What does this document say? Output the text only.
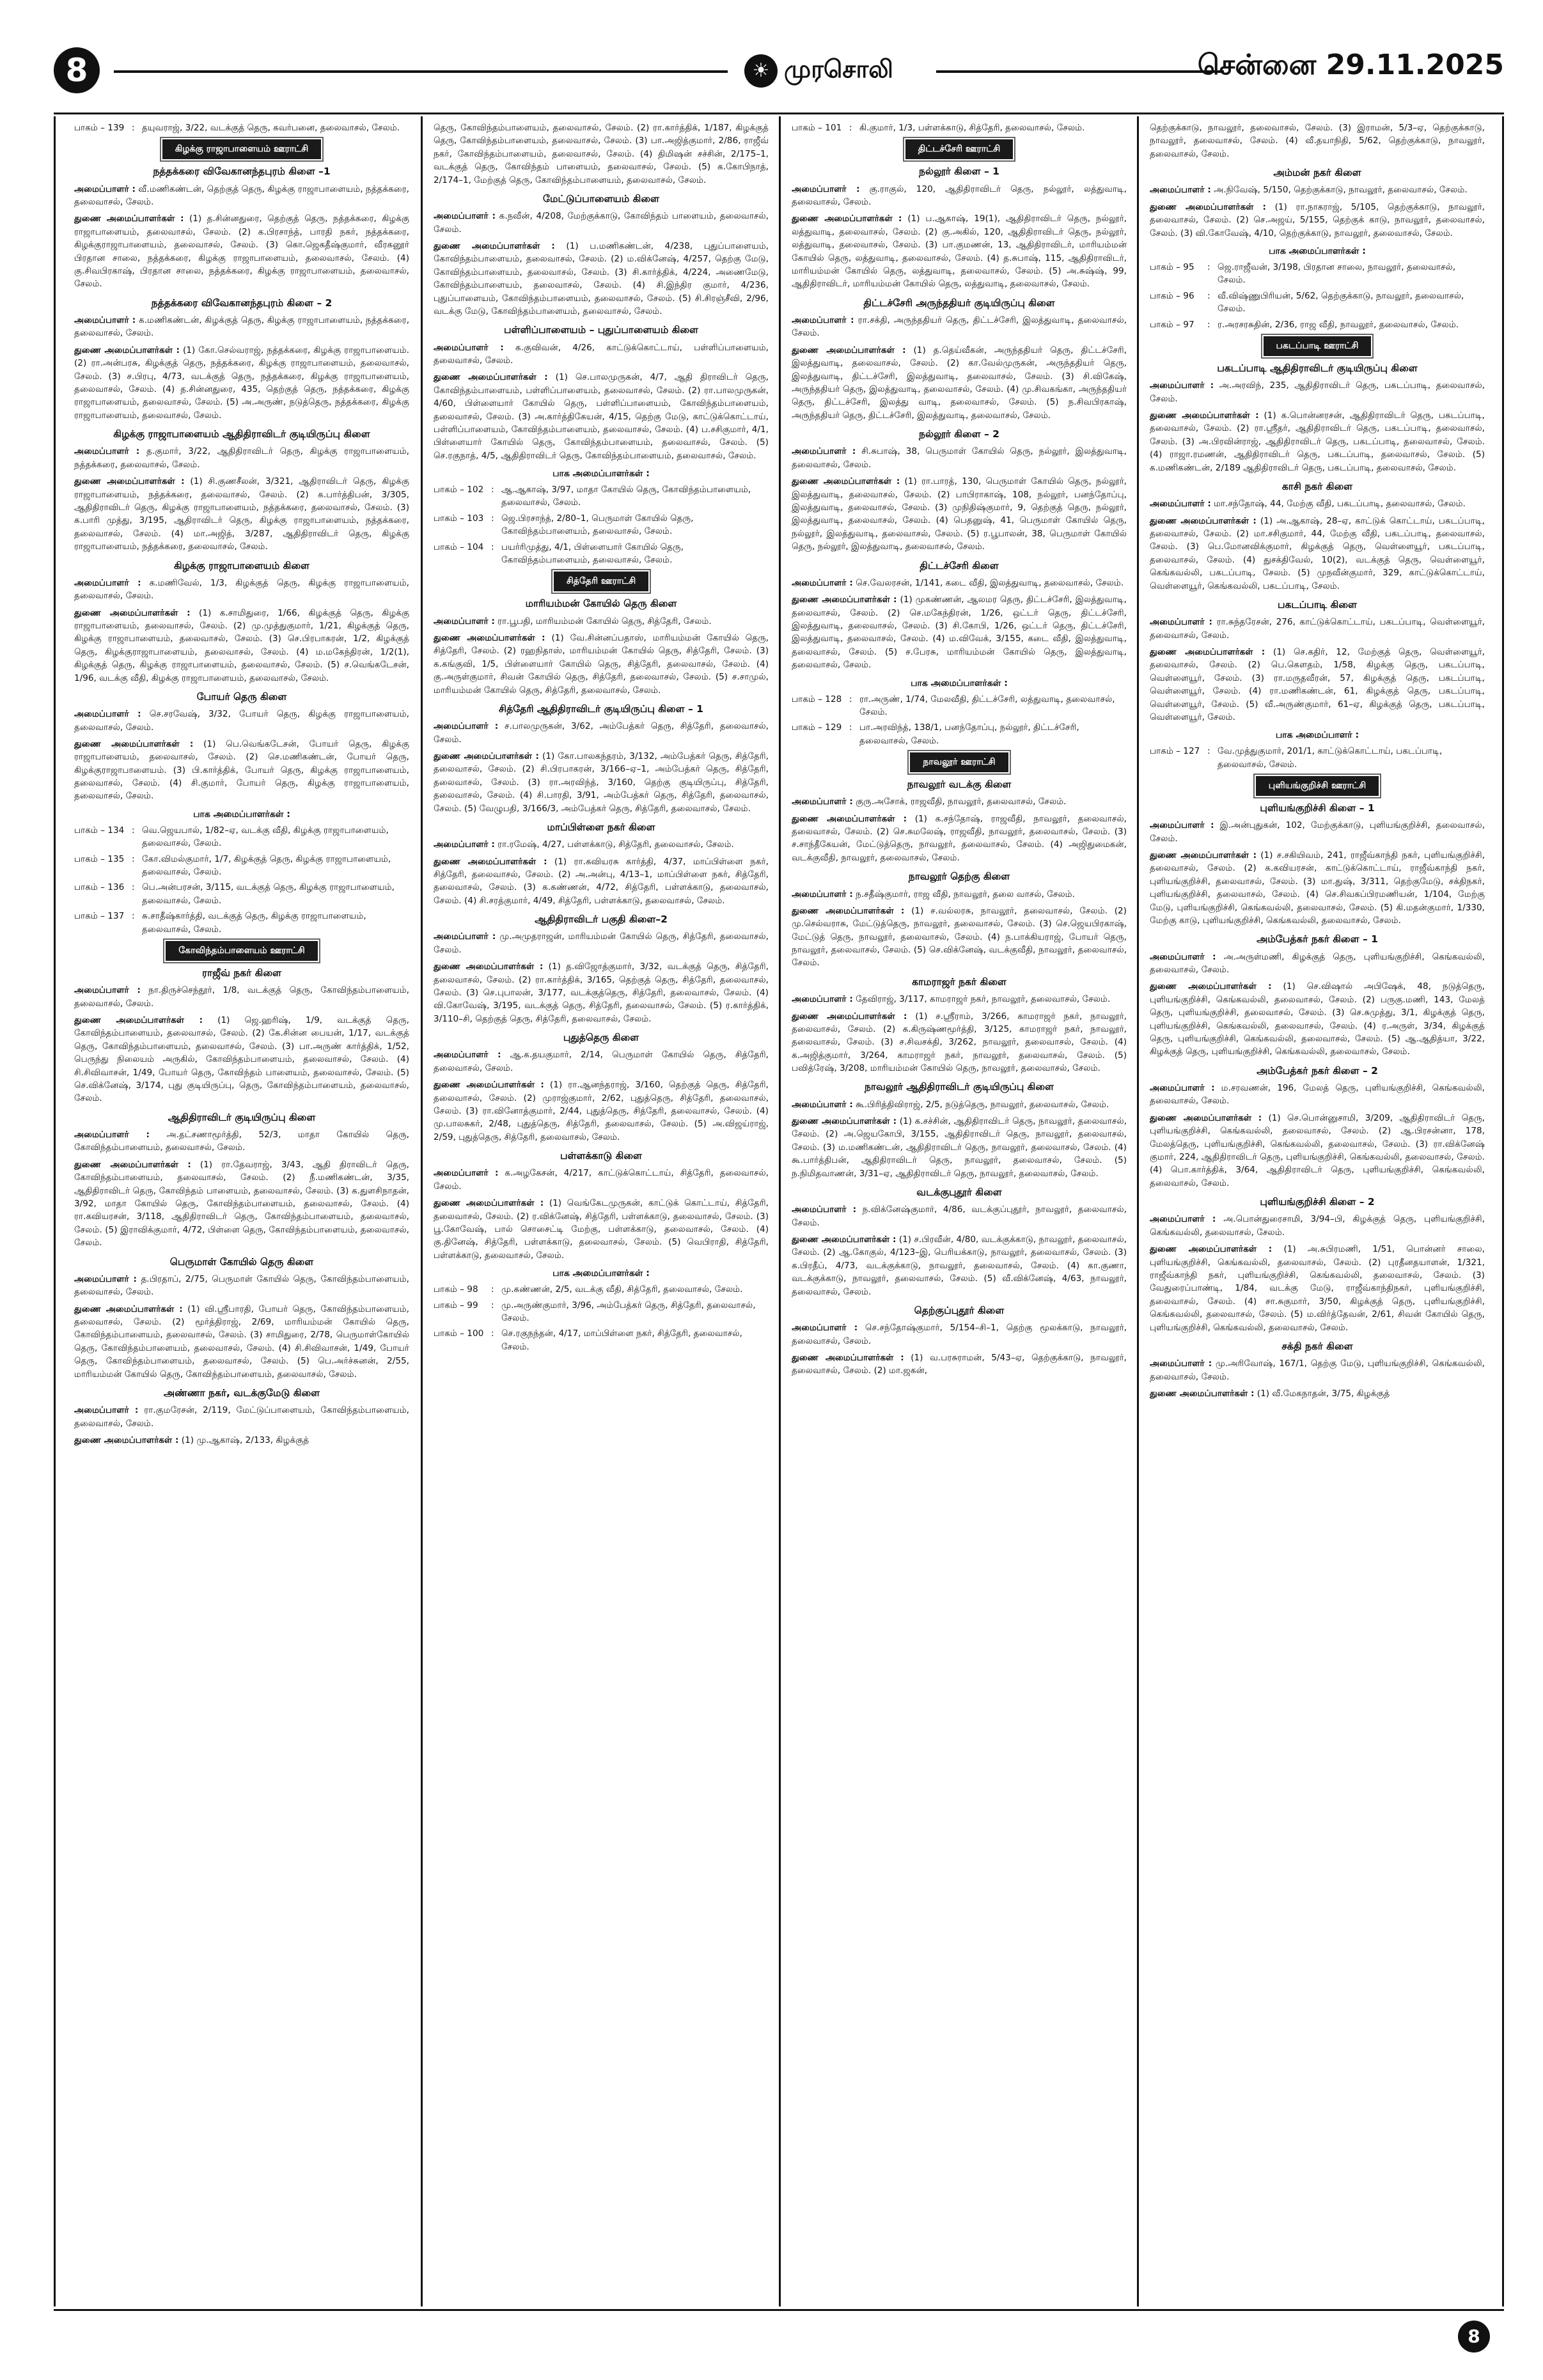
8	☀ முரசொலி	சென்னை 29.11.2025
பாகம் – 139 : தயுவராஜ், 3/22, வடக்குத் தெரு, கவர்பனை, தலைவாசல், சேலம்.
கிழக்கு ராஜாபாளையம் ஊராட்சி
நத்தக்கரை விவேகானந்தபுரம் கிளை –1

அமைப்பாளர் : வீ.மணிகண்டன், தெற்குத் தெரு, கிழக்கு ராஜாபாளையம், நத்தக்கரை, தலைவாசல், சேலம்.

துணை அமைப்பாளர்கள் : (1) த.சின்னதுரை, தெற்குத் தெரு, நத்தக்கரை, கிழக்கு ராஜாபாளையம், தலைவாசல், சேலம். (2) க.பிரசாந்த், பாரதி நகர், நத்தக்கரை, கிழக்குராஜாபாளையம், தலைவாசல், சேலம். (3) கொ.ஜெகதீஷ்குமார், வீரகனூர் பிரதான சாலை, நத்தக்கரை, கிழக்கு ராஜாபாளையம், தலைவாசல், சேலம். (4) கு.சிவபிரகாஷ், பிரதான சாலை, நத்தக்கரை, கிழக்கு ராஜாபாளையம், தலைவாசல், சேலம்.

நத்தக்கரை விவேகானந்தபுரம் கிளை – 2

அமைப்பாளர் : க.மணிகண்டன், கிழக்குத் தெரு, கிழக்கு ராஜாபாளையம், நத்தக்கரை, தலைவாசல், சேலம்.

துணை அமைப்பாளர்கள் : (1) கோ.செல்வராஜ், நத்தக்கரை, கிழக்கு ராஜாபாளையம். (2) ரா.அன்பரசு, கிழக்குத் தெரு, நத்தக்கரை, கிழக்கு ராஜாபாளையம், தலைவாசல், சேலம். (3) ச.பிரபு, 4/73, வடக்குத் தெரு, நத்தக்கரை, கிழக்கு ராஜாபாளையம், தலைவாசல், சேலம். (4) த.சின்னதுரை, 435, தெற்குத் தெரு, நத்தக்கரை, கிழக்கு ராஜாபாளையம், தலைவாசல், சேலம். (5) அ.அருண், நடுத்தெரு, நத்தக்கரை, கிழக்கு ராஜாபாளையம், தலைவாசல், சேலம்.

கிழக்கு ராஜாபாளையம் ஆதிதிராவிடர் குடியிருப்பு கிளை

அமைப்பாளர் : த.குமார், 3/22, ஆதிதிராவிடர் தெரு, கிழக்கு ராஜாபாளையம், நத்தக்கரை, தலைவாசல், சேலம்.

துணை அமைப்பாளர்கள் : (1) சி.குணசீலன், 3/321, ஆதிராவிடர் தெரு, கிழக்கு ராஜாபாளையம், நத்தக்கரை, தலைவாசல், சேலம். (2) க.பார்த்திபன், 3/305, ஆதிதிராவிடர் தெரு, கிழக்கு ராஜாபாளையம், நத்தக்கரை, தலைவாசல், சேலம். (3) க.பாரி முத்து, 3/195, ஆதிராவிடர் தெரு, கிழக்கு ராஜாபாளையம், நத்தக்கரை, தலைவாசல், சேலம். (4) மா.அஜித், 3/287, ஆதிதிராவிடர் தெரு, கிழக்கு ராஜாபாளையம், நத்தக்கரை, தலைவாசல், சேலம்.

கிழக்கு ராஜாபாளையம் கிளை

அமைப்பாளர் : க.மணிவேல், 1/3, கிழக்குத் தெரு, கிழக்கு ராஜாபாளையம், தலைவாசல், சேலம்.

துணை அமைப்பாளர்கள் : (1) க.சாமிதுரை, 1/66, கிழக்குத் தெரு, கிழக்கு ராஜாபாளையம், தலைவாசல், சேலம். (2) மு.முத்துகுமார், 1/21, கிழக்குத் தெரு, கிழக்கு ராஜாபாளையம், தலைவாசல், சேலம். (3) செ.பிரபாகரன், 1/2, கிழக்குத் தெரு, கிழக்குராஜாபாளையம், தலைவாசல், சேலம். (4) ம.மகேந்திரன், 1/2(1), கிழக்குத் தெரு, கிழக்கு ராஜாபாளையம், தலைவாசல், சேலம். (5) ச.வெங்கடேசன், 1/96, வடக்கு வீதி, கிழக்கு ராஜாபாளையம், தலைவாசல், சேலம்.

போயர் தெரு கிளை

அமைப்பாளர் : செ.சரவேஷ், 3/32, போயர் தெரு, கிழக்கு ராஜாபாளையம், தலைவாசல், சேலம்.

துணை அமைப்பாளர்கள் : (1) பெ.வெங்கடேசன், போயர் தெரு, கிழக்கு ராஜாபாளையம், தலைவாசல், சேலம். (2) செ.மணிகண்டன், போயர் தெரு, கிழக்குராஜாபாளையம். (3) பி.கார்த்திக், போயர் தெரு, கிழக்கு ராஜாபாளையம், தலைவாசல், சேலம். (4) சி.குமார், போயர் தெரு, கிழக்கு ராஜாபாளையம், தலைவாசல், சேலம்.

பாக அமைப்பாளர்கள் :
பாகம் – 134 : வெ.ஜெயபால், 1/82–ஏ, வடக்கு வீதி, கிழக்கு ராஜாபாளையம், தலைவாசல், சேலம்.
பாகம் – 135 : கோ.விமல்குமார், 1/7, கிழக்குத் தெரு, கிழக்கு ராஜாபாளையம், தலைவாசல், சேலம்.
பாகம் – 136 : பெ.அன்பரசன், 3/115, வடக்குத் தெரு, கிழக்கு ராஜாபாளையம், தலைவாசல், சேலம்.
பாகம் – 137 : சு.சாதீஷ்கார்த்தி, வடக்குத் தெரு, கிழக்கு ராஜாபாளையம், தலைவாசல், சேலம்.
கோவிந்தம்பாளையம் ஊராட்சி
ராஜீவ் நகர் கிளை

அமைப்பாளர் : நா.திருச்செந்தூர், 1/8, வடக்குத் தெரு, கோவிந்தம்பாளையம், தலைவாசல், சேலம்.

துணை அமைப்பாளர்கள் : (1) ஜெ.ஹரிஷ், 1/9, வடக்குத் தெரு, கோவிந்தம்பாளையம், தலைவாசல், சேலம். (2) கே.சின்ன பையன், 1/17, வடக்குத் தெரு, கோவிந்தம்பாளையம், தலைவாசல், சேலம். (3) பா.அருண் கார்த்திக், 1/52, பெருந்து நிலையம் அருகில், கோவிந்தம்பாளையம், தலைவாசல், சேலம். (4) சி.சிவிவாசன், 1/49, போயர் தெரு, கோவிந்தம் பாளையம், தலைவாசல், சேலம். (5) செ.விக்னேஷ், 3/174, புது குடியிருப்பு, தெரு, கோவிந்தம்பாளையம், தலைவாசல், சேலம்.

ஆதிதிராவிடர் குடியிருப்பு கிளை

அமைப்பாளர் : அ.தட்சணாமூர்த்தி, 52/3, மாதா கோயில் தெரு, கோவிந்தம்பாளையம், தலைவாசல், சேலம்.

துணை அமைப்பாளர்கள் : (1) ரா.தேவராஜ், 3/43, ஆதி திராவிடர் தெரு, கோவிந்தம்பாளையம், தலைவாசல், சேலம். (2) நீ.மணிகண்டன், 3/35, ஆதிதிராவிடர் தெரு, கோவிந்தம் பாளையம், தலைவாசல், சேலம். (3) க.துளசிநாதன், 3/92, மாதா கோயில் தெரு, கோவிந்தம்பாளையம், தலைவாசல், சேலம். (4) ரா.கவியரசன், 3/118, ஆதிதிராவிடர் தெரு, கோவிந்தம்பாளையம், தலைவாசல், சேலம். (5) இராவிக்குமார், 4/72, பிள்ளை தெரு, கோவிந்தம்பாளையம், தலைவாசல், சேலம்.

பெருமாள் கோயில் தெரு கிளை

அமைப்பாளர் : த.பிரதாப், 2/75, பெருமாள் கோயில் தெரு, கோவிந்தம்பாளையம், தலைவாசல், சேலம்.

துணை அமைப்பாளர்கள் : (1) வி.ஸ்ரீபாரதி, போயர் தெரு, கோவிந்தம்பாளையம், தலைவாசல், சேலம். (2) மூர்த்திராஜ், 2/69, மாரியம்மன் கோயில் தெரு, கோவிந்தம்பாளையம், தலைவாசல், சேலம். (3) சாமிதுரை, 2/78, பெருமாள்கோயில் தெரு, கோவிந்தம்பாளையம், தலைவாசல், சேலம். (4) சி.சிவிவாசன், 1/49, போயர் தெரு, கோவிந்தம்பாளையம், தலைவாசல், சேலம். (5) பெ.அர்ச்சுனன், 2/55, மாரியம்மன் கோயில் தெரு, கோவிந்தம்பாளையம், தலைவாசல், சேலம்.

அண்ணா நகர், வடக்குமேடு கிளை

அமைப்பாளர் : ரா.குமரேசன், 2/119, மேட்டுப்பாளையம், கோவிந்தம்பாளையம், தலைவாசல், சேலம்.

துணை அமைப்பாளர்கள் : (1) மு.ஆகாஷ், 2/133, கிழக்குத்

தெரு, கோவிந்தம்பாளையம், தலைவாசல், சேலம். (2) ரா.கார்த்திக், 1/187, கிழக்குத் தெரு, கோவிந்தம்பாளையம், தலைவாசல், சேலம். (3) பா.அஜித்குமார், 2/86, ராஜீவ் நகர், கோவிந்தம்பாளையம், தலைவாசல், சேலம். (4) திமிஷன் சச்சின், 2/175–1, வடக்குத் தெரு, கோவிந்தம் பாளையம், தலைவாசல், சேலம். (5) க.கோபிநாத், 2/174–1, மேற்குத் தெரு, கோவிந்தம்பாளையம், தலைவாசல், சேலம்.

மேட்டுப்பாளையம் கிளை

அமைப்பாளர் : க.நவீன், 4/208, மேற்குக்காடு, கோவிந்தம் பாளையம், தலைவாசல், சேலம்.

துணை அமைப்பாளர்கள் : (1) ப.மணிகண்டன், 4/238, புதுப்பாளையம், கோவிந்தம்பாளையம், தலைவாசல், சேலம். (2) ம.விக்னேஷ், 4/257, தெற்கு மேடு, கோவிந்தம்பாளையம், தலைவாசல், சேலம். (3) சி.கார்த்திக், 4/224, அணைமேடு, கோவிந்தம்பாளையம், தலைவாசல், சேலம். (4) சி.இந்திர குமார், 4/236, புதுப்பாளையம், கோவிந்தம்பாளையம், தலைவாசல், சேலம். (5) சி.சிரஞ்சீவி, 2/96, வடக்கு மேடு, கோவிந்தம்பாளையம், தலைவாசல், சேலம்.

பள்ளிப்பாளையம் – புதுப்பாளையம் கிளை

அமைப்பாளர் : க.குவிவன், 4/26, காட்டுக்கொட்டாய், பள்ளிப்பாளையம், தலைவாசல், சேலம்.

துணை அமைப்பாளர்கள் : (1) செ.பாலமுருகன், 4/7, ஆதி திராவிடர் தெரு, கோவிந்தம்பாளையம், பள்ளிப்பாளையம், தலைவாசல், சேலம். (2) ரா.பாலமுருகன், 4/60, பிள்ளையார் கோயில் தெரு, பள்ளிப்பாளையம், கோவிந்தம்பாளையம், தலைவாசல், சேலம். (3) அ.கார்த்திகேயன், 4/15, தெற்கு மேடு, காட்டுக்கொட்டாய், பள்ளிப்பாளையம், கோவிந்தம்பாளையம், தலைவாசல், சேலம். (4) ப.சசிகுமார், 4/1, பிள்ளையார் கோயில் தெரு, கோவிந்தம்பாளையம், தலைவாசல், சேலம். (5) செ.ரகுநாத், 4/5, ஆதிதிராவிடர் தெரு, கோவிந்தம்பாளையம், தலைவாசல், சேலம்.

பாக அமைப்பாளர்கள் :
பாகம் – 102 : ஆ.ஆகாஷ், 3/97, மாதா கோயில் தெரு, கோவிந்தம்பாளையம், தலைவாசல், சேலம்.
பாகம் – 103 : ஜெ.பிரசாந்த், 2/80–1, பெருமாள் கோயில் தெரு, கோவிந்தம்பாளையம், தலைவாசல், சேலம்.
பாகம் – 104 : பயர்ரிமுத்து, 4/1, பிள்ளையார் கோயில் தெரு, கோவிந்தம்பாளையம், தலைவாசல், சேலம்.
சித்தேரி ஊராட்சி
மாரியம்மன் கோயில் தெரு கிளை

அமைப்பாளர் : ரா.பூபதி, மாரியம்மன் கோயில் தெரு, சித்தேரி, சேலம்.

துணை அமைப்பாளர்கள் : (1) வே.சின்னப்பதாஸ், மாரியம்மன் கோயில் தெரு, சித்தேரி, சேலம். (2) ரஹநிதாஸ், மாரியம்மன் கோயில் தெரு, சித்தேரி, சேலம். (3) க.கங்குவி, 1/5, பிள்ளையார் கோயில் தெரு, சித்தேரி, தலைவாசல், சேலம். (4) கு.அருள்குமார், சிவன் கோயில் தெரு, சித்தேரி, தலைவாசல், சேலம். (5) ச.சாமுல், மாரியம்மன் கோயில் தெரு, சித்தேரி, தலைவாசல், சேலம்.

சித்தேரி ஆதிதிராவிடர் குடியிருப்பு கிளை – 1

அமைப்பாளர் : ச.பாலமுருகன், 3/62, அம்பேத்கர் தெரு, சித்தேரி, தலைவாசல், சேலம்.

துணை அமைப்பாளர்கள் : (1) கோ.பாலகந்தரம், 3/132, அம்பேத்கர் தெரு, சித்தேரி, தலைவாசல், சேலம். (2) சி.பிரபாகரன், 3/166–ஏ–1, அம்பேத்கர் தெரு, சித்தேரி, தலைவாசல், சேலம். (3) ரா.அரவிந்த், 3/160, தெற்கு குடியிருப்பு, சித்தேரி, தலைவாசல், சேலம். (4) சி.பாரதி, 3/91, அம்பேத்கர் தெரு, சித்தேரி, தலைவாசல், சேலம். (5) வேழுபதி, 3/166/3, அம்பேத்கர் தெரு, சித்தேரி, தலைவாசல், சேலம்.

மாப்பிள்ளை நகர் கிளை

அமைப்பாளர் : ரா.ரமேஷ், 4/27, பள்ளக்காடு, சித்தேரி, தலைவாசல், சேலம்.

துணை அமைப்பாளர்கள் : (1) ரா.கவியரசு கார்த்தி, 4/37, மாப்பிள்ளை நகர், சித்தேரி, தலைவாசல், சேலம். (2) அ.அன்பு, 4/13–1, மாப்பிள்ளை நகர், சித்தேரி, தலைவாசல், சேலம். (3) க.கண்ணன், 4/72, சித்தேரி, பள்ளக்காடு, தலைவாசல், சேலம். (4) சி.சரத்குமார், 4/49, சித்தேரி, பள்ளக்காடு, தலைவாசல், சேலம்.

ஆதிதிராவிடர் பகுதி கிளை–2

அமைப்பாளர் : மு.அமுதராஜன், மாரியம்மன் கோயில் தெரு, சித்தேரி, தலைவாசல், சேலம்.

துணை அமைப்பாளர்கள் : (1) த.விஜோத்குமார், 3/32, வடக்குத் தெரு, சித்தேரி, தலைவாசல், சேலம். (2) ரா.கார்த்திக், 3/165, தெற்குத் தெரு, சித்தேரி, தலைவாசல், சேலம். (3) செ.புபாலன், 3/177, வடக்குத்தெரு, சித்தேரி, தலைவாசல், சேலம். (4) வி.கோவேஷ், 3/195, வடக்குத் தெரு, சித்தேரி, தலைவாசல், சேலம். (5) ர.கார்த்திக், 3/110–சி, தெற்குத் தெரு, சித்தேரி, தலைவாசல், சேலம்.

புதுத்தெரு கிளை

அமைப்பாளர் : ஆ.க.தயகுமார், 2/14, பெருமாள் கோயில் தெரு, சித்தேரி, தலைவாசல், சேலம்.

துணை அமைப்பாளர்கள் : (1) ரா.ஆனந்தராஜ், 3/160, தெற்குத் தெரு, சித்தேரி, தலைவாசல், சேலம். (2) முராஜ்குமார், 2/62, புதுத்தெரு, சித்தேரி, தலைவாசல், சேலம். (3) ரா.வினோத்குமார், 2/44, புதுத்தெரு, சித்தேரி, தலைவாசல், சேலம். (4) மு.பாலசுகர், 2/48, புதுத்தெரு, சித்தேரி, தலைவாசல், சேலம். (5) அ.விஜய்ராஜ், 2/59, புதுத்தெரு, சித்தேரி, தலைவாசல், சேலம்.

பள்ளக்காடு கிளை

அமைப்பாளர் : க.அழகேசன், 4/217, காட்டுக்கொட்டாய், சித்தேரி, தலைவாசல், சேலம்.

துணை அமைப்பாளர்கள் : (1) வெங்கேடமுருகன், காட்டுக் கொட்டாய், சித்தேரி, தலைவாசல், சேலம். (2) ர.விக்னேஷ், சித்தேரி, பள்ளக்காடு, தலைவாசல், சேலம். (3) பூ.கோவேஷ், பால் சொசைட்டி மேற்கு, பள்ளக்காடு, தலைவாசல், சேலம். (4) கு.தினேஷ், சித்தேரி, பள்ளக்காடு, தலைவாசல், சேலம். (5) வெபிராதி, சித்தேரி, பள்ளக்காடு, தலைவாசல், சேலம்.

பாக அமைப்பாளர்கள் :
பாகம் – 98	: மு.கண்ணன், 2/5, வடக்கு வீதி, சித்தேரி, தலைவாசல், சேலம்.
பாகம் – 99	: மு.அருண்குமார், 3/96, அம்பேத்கர் தெரு, சித்தேரி, தலைவாசல், சேலம்.
பாகம் – 100 : செ.ரகுநந்தன், 4/17, மாப்பிள்ளை நகர், சித்தேரி, தலைவாசல், சேலம்.
பாகம் – 101 : கி.குமார், 1/3, பள்ளக்காடு, சித்தேரி, தலைவாசல், சேலம்.
திட்டச்சேரி ஊராட்சி
நல்லூர் கிளை – 1

அமைப்பாளர் : கு.ராகுல், 120, ஆதிதிராவிடர் தெரு, நல்லூர், லத்துவாடி, தலைவாசல், சேலம்.

துணை அமைப்பாளர்கள் : (1) ப.ஆகாஷ், 19(1), ஆதிதிராவிடர் தெரு, நல்லூர், லத்துவாடி, தலைவாசல், சேலம். (2) கு.அகில், 120, ஆதிதிராவிடர் தெரு, நல்லூர், லத்துவாடி, தலைவாசல், சேலம். (3) பா.குமணன், 13, ஆதிதிராவிடர், மாரியம்மன் கோயில் தெரு, லத்துவாடி, தலைவாசல், சேலம். (4) த.சுபாஷ், 115, ஆதிதிராவிடர், மாரியம்மன் கோயில் தெரு, லத்துவாடி, தலைவாசல், சேலம். (5) அ.சுஷ்ஷ், 99, ஆதிதிராவிடர், மாரியம்மன் கோயில் தெரு, லத்துவாடி, தலைவாசல், சேலம்.

திட்டச்சேரி அருந்ததியர் குடியிருப்பு கிளை

அமைப்பாளர் : ரா.சக்தி, அருந்ததியர் தெரு, திட்டச்சேரி, இலத்துவாடி, தலைவாசல், சேலம்.

துணை அமைப்பாளர்கள் : (1) த.தெய்வீகன், அருந்ததியர் தெரு, திட்டச்சேரி, இலத்துவாடி, தலைவாசல், சேலம். (2) கா.வேல்முருகன், அருந்ததியர் தெரு, இலத்துவாடி, திட்டச்சேரி, இலத்துவாடி, தலைவாசல், சேலம். (3) சி.விகேஷ், அருந்ததியர் தெரு, இலத்துவாடி, தலைவாசல், சேலம். (4) மு.சிவகங்கா, அருந்ததியர் தெரு, திட்டச்சேரி, இலத்து வாடி, தலைவாசல், சேலம். (5) ந.சிவபிரகாஷ், அருந்ததியர் தெரு, திட்டச்சேரி, இலத்துவாடி, தலைவாசல், சேலம்.

நல்லூர் கிளை – 2

அமைப்பாளர் : சி.சுபாஷ், 38, பெருமாள் கோயில் தெரு, நல்லூர், இலத்துவாடி, தலைவாசல், சேலம்.

துணை அமைப்பாளர்கள் : (1) ரா.பாரத், 130, பெருமாள் கோயில் தெரு, நல்லூர், இலத்துவாடி, தலைவாசல், சேலம். (2) பாபிராகாஷ், 108, நல்லூர், பனந்தோப்பு, இலத்துவாடி, தலைவாசல், சேலம். (3) முநிதிஷ்குமார், 9, தெற்குத் தெரு, நல்லூர், இலத்துவாடி, தலைவாசல், சேலம். (4) பெதனுஷ், 41, பெருமாள் கோயில் தெரு, நல்லூர், இலத்துவாடி, தலைவாசல், சேலம். (5) ர.பூபாலன், 38, பெருமாள் கோயில் தெரு, நல்லூர், இலத்துவாடி, தலைவாசல், சேலம்.

திட்டச்சேரி கிளை

அமைப்பாளர் : செ.வேலரசன், 1/141, கடை வீதி, இலத்துவாடி, தலைவாசல், சேலம்.

துணை அமைப்பாளர்கள் : (1) முகண்ணன், ஆலமர தெரு, திட்டச்சேரி, இலத்துவாடி, தலைவாசல், சேலம். (2) செ.மகேந்திரன், 1/26, ஒட்டர் தெரு, திட்டச்சேரி, இலத்துவாடி, தலைவாசல், சேலம். (3) சி.கோபி, 1/26, ஒட்டர் தெரு, திட்டச்சேரி, இலத்துவாடி, தலைவாசல், சேலம். (4) ம.விவேக், 3/155, கடை வீதி, இலத்துவாடி, தலைவாசல், சேலம். (5) ச.பேரசு, மாரியம்மன் கோயில் தெரு, இலத்துவாடி, தலைவாசல், சேலம்.

பாக அமைப்பாளர்கள் :
பாகம் – 128 : ரா.அருண், 1/74, மேலவீதி, திட்டச்சேரி, லத்துவாடி, தலைவாசல், சேலம்.
பாகம் – 129 : பா.அரவிந்த், 138/1, பனந்தோப்பு, நல்லூர், திட்டச்சேரி, தலைவாசல், சேலம்.
நாவலூர் ஊராட்சி
நாவலூர் வடக்கு கிளை

அமைப்பாளர் : குரு.அசோக், ராஜவீதி, நாவலூர், தலைவாசல், சேலம்.

துணை அமைப்பாளர்கள் : (1) க.சந்தோஷ், ராஜவீதி, நாவலூர், தலைவாசல், தலைவாசல், சேலம். (2) செ.சுமலேஷ், ராஜவீதி, நாவலூர், தலைவாசல், சேலம். (3) ச.சாந்தீகேயன், மேட்டுத்தெரு, நாவலூர், தலைவாசல், சேலம். (4) அஜிதுமைகன், வடக்குவீதி, நாவலூர், தலைவாசல், சேலம்.

நாவலூர் தெற்கு கிளை

அமைப்பாளர் : ந.சதீஷ்குமார், ராஜ வீதி, நாவலூர், தலை வாசல், சேலம்.

துணை அமைப்பாளர்கள் : (1) ச.வல்லரசு, நாவலூர், தலைவாசல், சேலம். (2) மு.செல்வராசு, மேட்டுத்தெரு, நாவலூர், தலைவாசல், சேலம். (3) செ.ஜெயபிரகாஷ், மேட்டுத் தெரு, நாவலூர், தலைவாசல், சேலம். (4) ந.பாக்கியராஜ், போயர் தெரு, நாவலூர், தலைவாசல், சேலம். (5) செ.விக்னேஷ், வடக்குவீதி, நாவலூர், தலைவாசல், சேலம்.

காமராஜர் நகர் கிளை

அமைப்பாளர் : தேவிராஜ், 3/117, காமராஜர் நகர், நாவலூர், தலைவாசல், சேலம்.

துணை அமைப்பாளர்கள் : (1) ச.ஸ்ரீராம், 3/266, காமராஜர் நகர், நாவலூர், தலைவாசல், சேலம். (2) க.கிருஷ்ணமூர்த்தி, 3/125, காமராஜர் நகர், நாவலூர், தலைவாசல், சேலம். (3) ச.சிவசக்தி, 3/262, நாவலூர், தலைவாசல், சேலம். (4) க.அஜித்குமார், 3/264, காமராஜர் நகர், நாவலூர், தலைவாசல், சேலம். (5) பவித்ரேஷ், 3/208, மாரியம்மன் கோயில் தெரு, நாவலூர், தலைவாசல், சேலம்.

நாவலூர் ஆதிதிராவிடர் குடியிருப்பு கிளை

அமைப்பாளர் : கூ.பிரித்திவிராஜ், 2/5, நடுத்தெரு, நாவலூர், தலைவாசல், சேலம்.

துணை அமைப்பாளர்கள் : (1) க.சச்சின், ஆதிதிராவிடர் தெரு, நாவலூர், தலைவாசல், சேலம். (2) அ.ஜெயகோபி, 3/155, ஆதிதிராவிடர் தெரு, நாவலூர், தலைவாசல், சேலம். (3) ம.மணிகண்டன், ஆதிதிராவிடர் தெரு, நாவலூர், தலைவாசல், சேலம். (4) கூ.பார்த்திபன், ஆதிதிராவிடர் தெரு, நாவலூர், தலைவாசல், சேலம். (5) ந.நிமிதவாணன், 3/31–ஏ, ஆதிதிராவிடர் தெரு, நாவலூர், தலைவாசல், சேலம்.

வடக்குபுதூர் கிளை

அமைப்பாளர் : ந.விக்னேஷ்குமார், 4/86, வடக்குப்புதூர், நாவலூர், தலைவாசல், சேலம்.

துணை அமைப்பாளர்கள் : (1) ச.பிரவீன், 4/80, வடக்குக்காடு, நாவலூர், தலைவாசல், சேலம். (2) ஆ.கோகுல், 4/123–இ, பெரியக்காடு, நாவலூர், தலைவாசல், சேலம். (3) க.பிரதீப், 4/73, வடக்குக்காடு, நாவலூர், தலைவாசல், சேலம். (4) கா.குணா, வடக்குக்காடு, நாவலூர், தலைவாசல், சேலம். (5) வீ.விக்னேஷ், 4/63, நாவலூர், தலைவாசல், சேலம்.

தெற்குப்புதூர் கிளை

அமைப்பாளர் : செ.சந்தோஷ்குமார், 5/154–சி–1, தெற்கு மூலக்காடு, நாவலூர், தலைவாசல், சேலம்.

துணை அமைப்பாளர்கள் : (1) வ.பரசுராமன், 5/43–ஏ, தெற்குக்காடு, நாவலூர், தலைவாசல், சேலம். (2) மா.ஜகன்,

தெற்குக்காடு, நாவலூர், தலைவாசல், சேலம். (3) இராமன், 5/3–ஏ, தெற்குக்காடு, நாவலூர், தலைவாசல், சேலம். (4) வீ.தயாநிதி, 5/62, தெற்குக்காடு, நாவலூர், தலைவாசல், சேலம்.

அம்மன் நகர் கிளை

அமைப்பாளர் : அ.நிவேஷ், 5/150, தெற்குக்காடு, நாவலூர், தலைவாசல், சேலம்.

துணை அமைப்பாளர்கள் : (1) ரா.நாகராஜ், 5/105, தெற்குக்காடு, நாவலூர், தலைவாசல், சேலம். (2) செ.அஜய், 5/155, தெற்குக் காடு, நாவலூர், தலைவாசல், சேலம். (3) வி.கோவேஷ், 4/10, தெற்குக்காடு, நாவலூர், தலைவாசல், சேலம்.

பாக அமைப்பாளர்கள் :
பாகம் – 95	: ஜெ.ராஜீவன், 3/198, பிரதான சாலை, நாவலூர், தலைவாசல், சேலம்.
பாகம் – 96	: வீ.விஷ்ணுபிரியன், 5/62, தெற்குக்காடு, நாவலூர், தலைவாசல், சேலம்.
பாகம் – 97	: ர.அரசரசுதின், 2/36, ராஜ வீதி, நாவலூர், தலைவாசல், சேலம்.
பகடப்பாடி ஊராட்சி
பகடப்பாடி ஆதிதிராவிடர் குடியிருப்பு கிளை

அமைப்பாளர் : அ.அரவிந், 235, ஆதிதிராவிடர் தெரு, பகடப்பாடி, தலைவாசல், சேலம்.

துணை அமைப்பாளர்கள் : (1) க.பொன்னரசன், ஆதிதிராவிடர் தெரு, பகடப்பாடி, தலைவாசல், சேலம். (2) ரா.ஸ்ரீதர், ஆதிதிராவிடர் தெரு, பகடப்பாடி, தலைவாசல், சேலம். (3) அ.பிரவின்ராஜ், ஆதிதிராவிடர் தெரு, பகடப்பாடி, தலைவாசல், சேலம். (4) ராஜா.ரமணன், ஆதிதிராவிடர் தெரு, பகடப்பாடி, தலைவாசல், சேலம். (5) க.மணிகண்டன், 2/189 ஆதிதிராவிடர் தெரு, பகடப்பாடி, தலைவாசல், சேலம்.

காசி நகர் கிளை

அமைப்பாளர் : மா.சந்தோஷ், 44, மேற்கு வீதி, பகடப்பாடி, தலைவாசல், சேலம்.

துணை அமைப்பாளர்கள் : (1) அ.ஆகாஷ், 28–ஏ, காட்டுக் கொட்டாய், பகடப்பாடி, தலைவாசல், சேலம். (2) மா.சசிகுமார், 44, மேற்கு வீதி, பகடப்பாடி, தலைவாசல், சேலம். (3) பெ.மோனவிக்குமார், கிழக்குத் தெரு, வெள்ளையூர், பகடப்பாடி, தலைவாசல், சேலம். (4) துசக்திவேல், 10(2), வடக்குத் தெரு, வெள்ளையூர், கெங்கவல்லி, பகடப்பாடி, சேலம். (5) முநவீன்குமார், 329, காட்டுக்கொட்டாய், வெள்ளையூர், கெங்கவல்லி, பகடப்பாடி, சேலம்.

பகடப்பாடி கிளை

அமைப்பாளர் : ரா.சுந்தரேசன், 276, காட்டுக்கொட்டாய், பகடப்பாடி, வெள்ளையூர், தலைவாசல், சேலம்.

துணை அமைப்பாளர்கள் : (1) செ.கதிர், 12, மேற்குத் தெரு, வெள்ளையூர், தலைவாசல், சேலம். (2) பெ.கௌதம், 1/58, கிழக்கு தெரு, பகடப்பாடி, வெள்ளையூர், சேலம். (3) ரா.மருதவீரன், 57, கிழக்குத் தெரு, பகடப்பாடி, வெள்ளையூர், சேலம். (4) ரா.மணிகண்டன், 61, கிழக்குத் தெரு, பகடப்பாடி, வெள்ளையூர், சேலம். (5) வீ.அருண்குமார், 61–ஏ, கிழக்குத் தெரு, பகடப்பாடி, வெள்ளையூர், சேலம்.

பாக அமைப்பாளர் :
பாகம் – 127 : வே.முத்துகுமார், 201/1, காட்டுக்கொட்டாய், பகடப்பாடி, தலைவாசல், சேலம்.
புளியங்குறிச்சி ஊராட்சி
புளியங்குறிச்சி கிளை – 1

அமைப்பாளர் : இ.அன்புதுகன், 102, மேற்குக்காடு, புளியங்குறிச்சி, தலைவாசல், சேலம்.

துணை அமைப்பாளர்கள் : (1) ச.சகியிவம், 241, ராஜீவ்காந்தி நகர், புளியங்குறிச்சி, தலைவாசல், சேலம். (2) க.கவியரசன், காட்டுக்கொட்டாய், ராஜீவ்காந்தி நகர், புளியங்குறிச்சி, தலைவாசல், சேலம். (3) மா.துஷ், 3/311, தெற்குமேடு, சக்திநகர், புளியங்குறிச்சி, தலைவாசல், சேலம். (4) செ.சிவகப்பிரமணியன், 1/104, மேற்கு மேடு, புளியங்குறிச்சி, கெங்கவல்லி, தலைவாசல், சேலம். (5) கி.மதன்குமார், 1/330, மேற்கு காடு, புளியங்குறிச்சி, கெங்கவல்லி, தலைவாசல், சேலம்.

அம்பேத்கர் நகர் கிளை – 1

அமைப்பாளர் : அ.அருள்மணி, கிழக்குத் தெரு, புளியங்குறிச்சி, கெங்கவல்லி, தலைவாசல், சேலம்.

துணை அமைப்பாளர்கள் : (1) செ.விஷால் அபிஷேக், 48, நடுத்தெரு, புளியங்குறிச்சி, கெங்கவல்லி, தலைவாசல், சேலம். (2) பருகு.மணி, 143, மேலத் தெரு, புளியங்குறிச்சி, தலைவாசல், சேலம். (3) செ.சுமுத்து, 3/1, கிழக்குத் தெரு, புளியங்குறிச்சி, கெங்கவல்லி, தலைவாசல், சேலம். (4) ர.அருள், 3/34, கிழக்குத் தெரு, புளியங்குறிச்சி, கெங்கவல்லி, தலைவாசல், சேலம். (5) ஆ.ஆதித்யா, 3/22, கிழக்குத் தெரு, புளியங்குறிச்சி, கெங்கவல்லி, தலைவாசல், சேலம்.

அம்பேத்கர் நகர் கிளை – 2

அமைப்பாளர் : ம.சரவணன், 196, மேலத் தெரு, புளியங்குறிச்சி, கெங்கவல்லி, தலைவாசல், சேலம்.

துணை அமைப்பாளர்கள் : (1) செ.பொன்னுசாமி, 3/209, ஆதிதிராவிடர் தெரு, புளியங்குறிச்சி, கெங்கவல்லி, தலைவாசல், சேலம். (2) ஆ.பிரசன்னா, 178, மேலத்தெரு, புளியங்குறிச்சி, கெங்கவல்லி, தலைவாசல், சேலம். (3) ரா.விக்னேஷ் குமார், 224, ஆதிதிராவிடர் தெரு, புளியங்குறிச்சி, கெங்கவல்லி, தலைவாசல், சேலம். (4) பொ.கார்த்திக், 3/64, ஆதிதிராவிடர் தெரு, புளியங்குறிச்சி, கெங்கவல்லி, தலைவாசல், சேலம்.

புளியங்குறிச்சி கிளை – 2

அமைப்பாளர் : அ.பொன்துரைசாமி, 3/94–பி, கிழக்குத் தெரு, புளியங்குறிச்சி, கெங்கவல்லி, தலைவாசல், சேலம்.

துணை அமைப்பாளர்கள் : (1) அ.சுபிரமணி, 1/51, பொன்னர் சாலை, புளியங்குறிச்சி, கெங்கவல்லி, தலைவாசல், சேலம். (2) புரதீனதயாளன், 1/321, ராஜீவ்காந்தி நகர், புளியங்குறிச்சி, கெங்கவல்லி, தலைவாசல், சேலம். (3) வேதுரைப்பாண்டி, 1/84, வடக்கு மேடு, ராஜீவ்காந்திநகர், புளியங்குறிச்சி, தலைவாசல், சேலம். (4) சா.சுகுமார், 3/50, கிழக்குத் தெரு, புளியங்குறிச்சி, கெங்கவல்லி, தலைவாசல், சேலம். (5) ம.விர்த்தேவன், 2/61, சிவன் கோயில் தெரு, புளியங்குறிச்சி, கெங்கவல்லி, தலைவாசல், சேலம்.

சக்தி நகர் கிளை

அமைப்பாளர் : மு.அரிவோஷ், 167/1, தெற்கு மேடு, புளியங்குறிச்சி, கெங்கவல்லி, தலைவாசல், சேலம்.

துணை அமைப்பாளர்கள் : (1) வீ.மேகநாதன், 3/75, கிழக்குத்

8
